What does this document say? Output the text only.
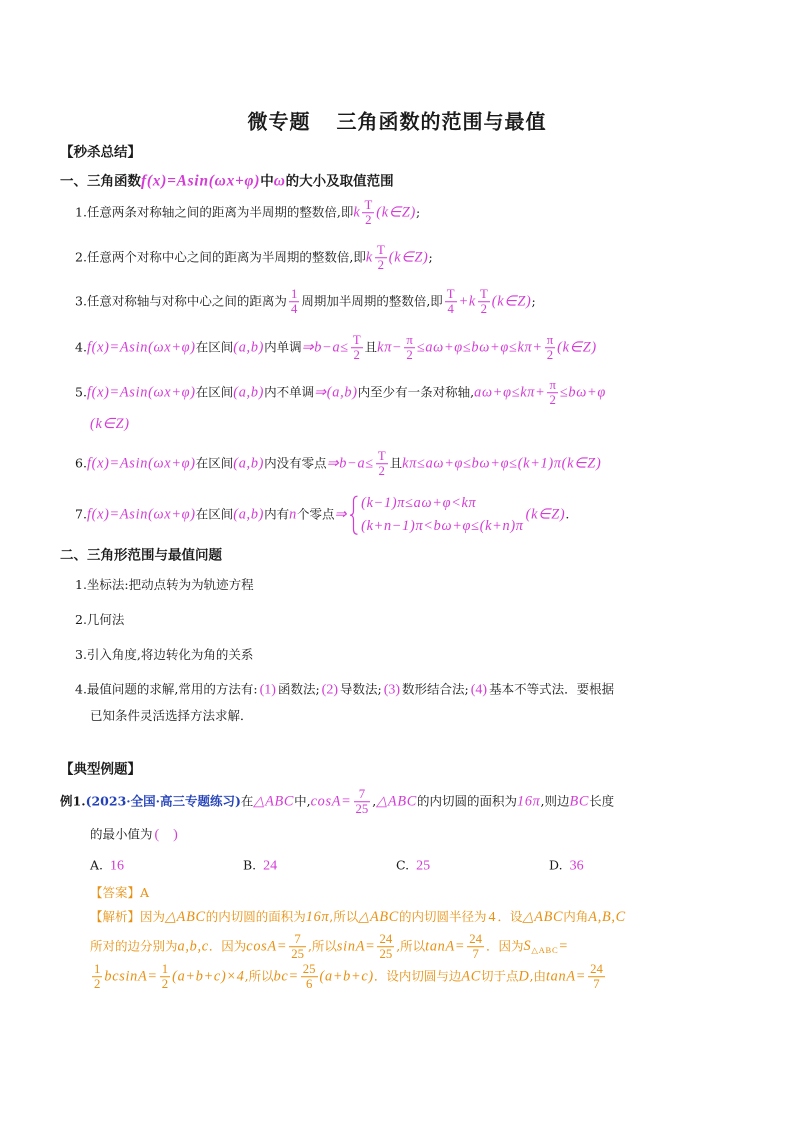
微专题 三角函数的范围与最值
【秒杀总结】
一、三角函数f(x)=Asin(ωx+φ)中ω的大小及取值范围
1.任意两条对称轴之间的距离为半周期的整数倍,即k $\frac{T}{2}$ (k∈Z);
2.任意两个对称中心之间的距离为半周期的整数倍,即k $\frac{T}{2}$ (k∈Z);
3.任意对称轴与对称中心之间的距离为 $\frac{1}{4}$ 周期加半周期的整数倍,即 $\frac{T}{4} +k \frac{T}{2}$ (k∈Z);
4.f(x)=Asin(ωx+φ)在区间(a,b)内单调⇒b−a≤ $\frac{T}{2}$ 且$k\pi- \frac{\pi}{2} \le a\omega+\varphi\le b\omega+\varphi\le k\pi+ \frac{\pi}{2}$ (k∈Z)
5.f(x)=Asin(ωx+φ)在区间(a,b)内不单调⇒(a,b)内至少有一条对称轴$,a\omega+\varphi\le k\pi+ \frac{\pi}{2} \le b\omega+\varphi$
(k∈Z)
6.f(x)=Asin(ωx+φ)在区间(a,b)内没有零点⇒b−a≤ $\frac{T}{2}$ 且kπ≤aω+φ≤bω+φ≤(k+1)π(k∈Z)
7.f(x)=Asin(ωx+φ)在区间(a,b)内有n个零点⇒
(k−1)π≤aω+φ<kπ
(k+n−1)π<bω+φ≤(k+n)π
(k∈Z).
二、三角形范围与最值问题
1.坐标法:把动点转为为轨迹方程
2.几何法
3.引入角度,将边转化为角的关系
4.最值问题的求解,常用的方法有: (1) 函数法; (2) 导数法; (3) 数形结合法; (4) 基本不等式法．要根据
已知条件灵活选择方法求解．
【典型例题】
例1.(2023·全国·高三专题练习)在△ABC中$,\cos A= \frac{7}{25}$ ,△ABC的内切圆的面积为16π,则边BC长度
的最小值为 (　)
A. 16	B. 24	C. 25	D. 36
【答案】A
【解析】因为△ABC的内切圆的面积为16π,所以△ABC的内切圆半径为 4 ．设△ABC内角A,B,C
所对的边分别为a,b,c．因为$\cos A= \frac{7}{25}$ ,所以$\sin A= \frac{24}{25}$ ,所以$\tan A= \frac{24}{7}$ ．因为$S_{\triangle ABC}=$
$\frac{1}{2} bcsinA= \frac{1}{2} (a+b+c)\times 4$,所以$bc= \frac{25}{6} (a+b+c)$．设内切圆与边AC切于点D,由$\tan A= \frac{24}{7}$
